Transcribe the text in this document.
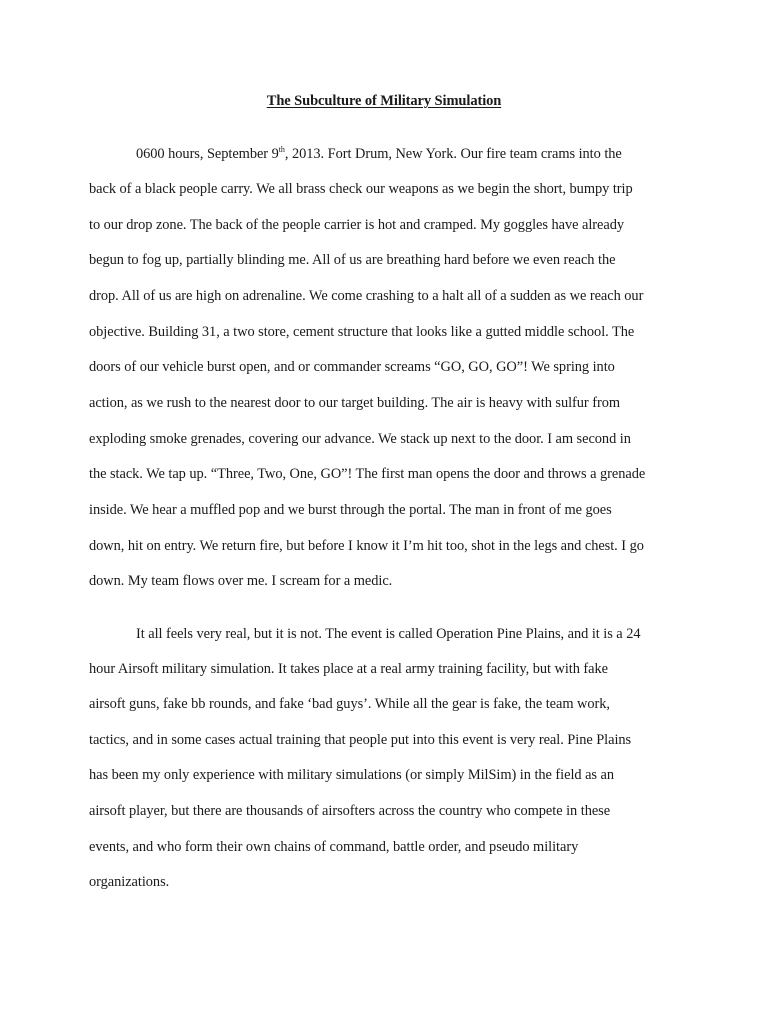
The Subculture of Military Simulation
0600 hours, September 9th, 2013. Fort Drum, New York. Our fire team crams into the
back of a black people carry. We all brass check our weapons as we begin the short, bumpy trip
to our drop zone. The back of the people carrier is hot and cramped. My goggles have already
begun to fog up, partially blinding me. All of us are breathing hard before we even reach the
drop. All of us are high on adrenaline. We come crashing to a halt all of a sudden as we reach our
objective. Building 31, a two store, cement structure that looks like a gutted middle school. The
doors of our vehicle burst open, and or commander screams “GO, GO, GO”! We spring into
action, as we rush to the nearest door to our target building. The air is heavy with sulfur from
exploding smoke grenades, covering our advance. We stack up next to the door. I am second in
the stack. We tap up. “Three, Two, One, GO”! The first man opens the door and throws a grenade
inside. We hear a muffled pop and we burst through the portal. The man in front of me goes
down, hit on entry. We return fire, but before I know it I’m hit too, shot in the legs and chest. I go
down. My team flows over me. I scream for a medic.
It all feels very real, but it is not. The event is called Operation Pine Plains, and it is a 24
hour Airsoft military simulation. It takes place at a real army training facility, but with fake
airsoft guns, fake bb rounds, and fake ‘bad guys’. While all the gear is fake, the team work,
tactics, and in some cases actual training that people put into this event is very real. Pine Plains
has been my only experience with military simulations (or simply MilSim) in the field as an
airsoft player, but there are thousands of airsofters across the country who compete in these
events, and who form their own chains of command, battle order, and pseudo military
organizations.
